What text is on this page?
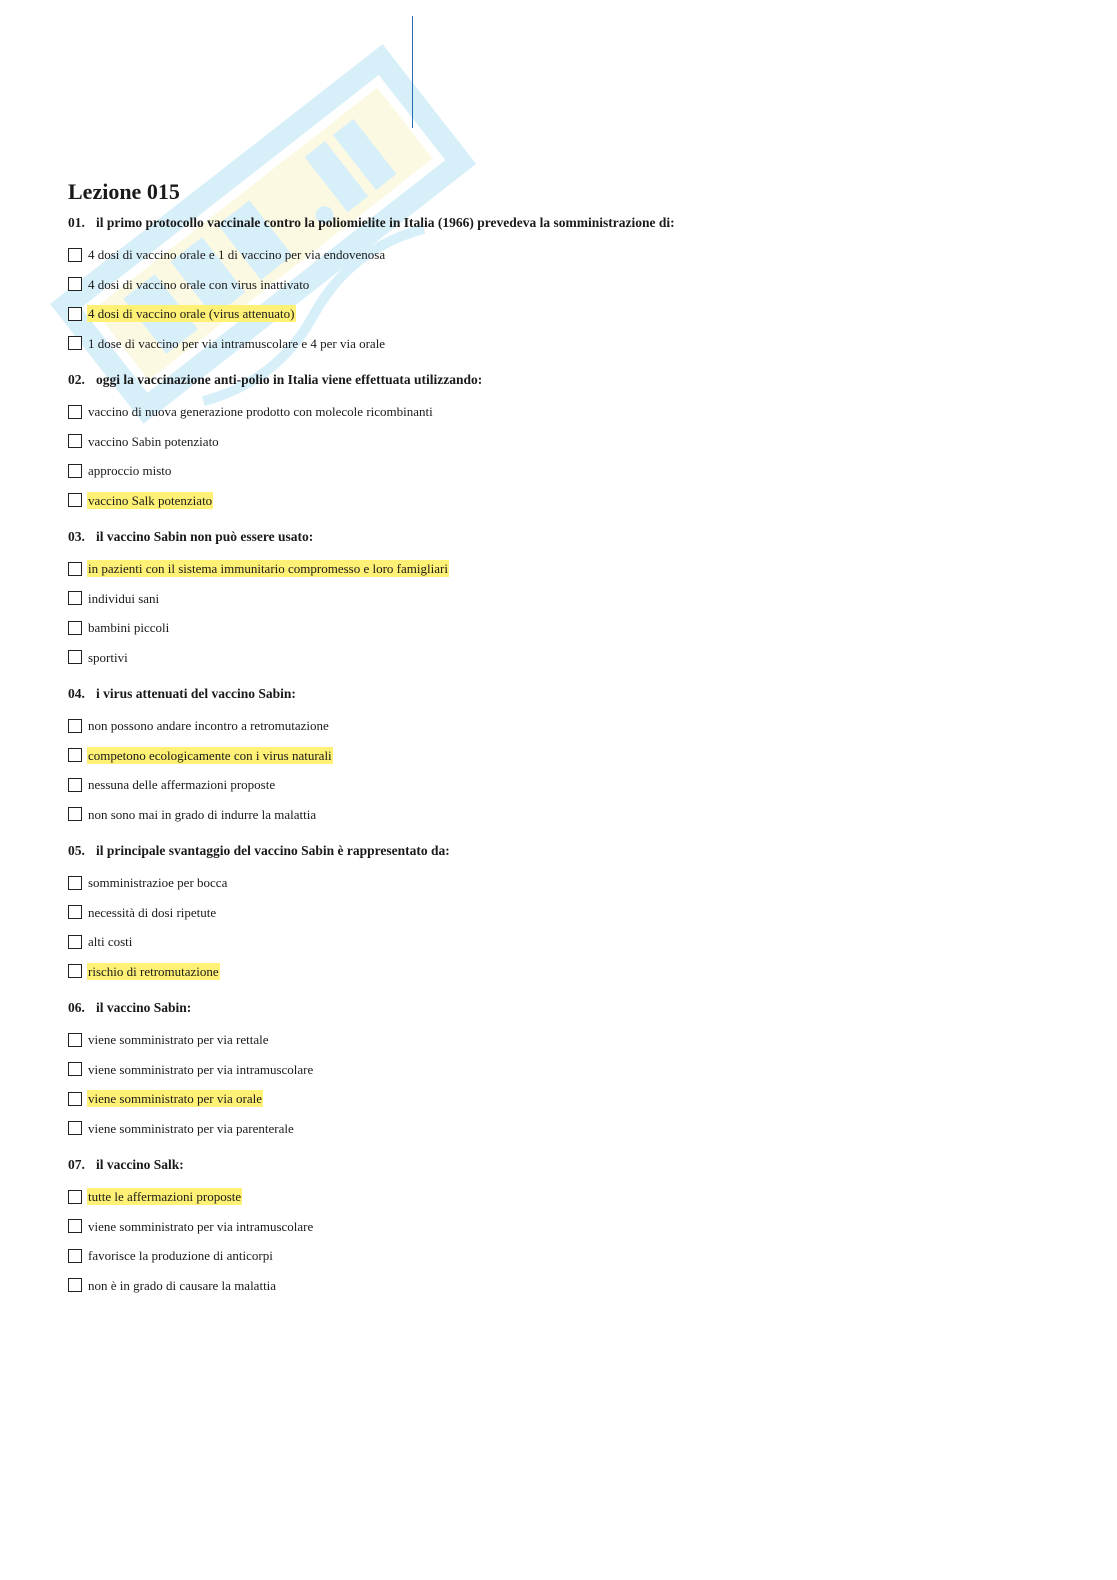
Lezione 015
01. il primo protocollo vaccinale contro la poliomielite in Italia (1966) prevedeva la somministrazione di:
4 dosi di vaccino orale e 1 di vaccino per via endovenosa
4 dosi di vaccino orale con virus inattivato
4 dosi di vaccino orale (virus attenuato)
1 dose di vaccino per via intramuscolare e 4 per via orale
02. oggi la vaccinazione anti-polio in Italia viene effettuata utilizzando:
vaccino di nuova generazione prodotto con molecole ricombinanti
vaccino Sabin potenziato
approccio misto
vaccino Salk potenziato
03. il vaccino Sabin non può essere usato:
in pazienti con il sistema immunitario compromesso e loro famigliari
individui sani
bambini piccoli
sportivi
04. i virus attenuati del vaccino Sabin:
non possono andare incontro a retromutazione
competono ecologicamente con i virus naturali
nessuna delle affermazioni proposte
non sono mai in grado di indurre la malattia
05. il principale svantaggio del vaccino Sabin è rappresentato da:
somministrazioe per bocca
necessità di dosi ripetute
alti costi
rischio di retromutazione
06. il vaccino Sabin:
viene somministrato per via rettale
viene somministrato per via intramuscolare
viene somministrato per via orale
viene somministrato per via parenterale
07. il vaccino Salk:
tutte le affermazioni proposte
viene somministrato per via intramuscolare
favorisce la produzione di anticorpi
non è in grado di causare la malattia
